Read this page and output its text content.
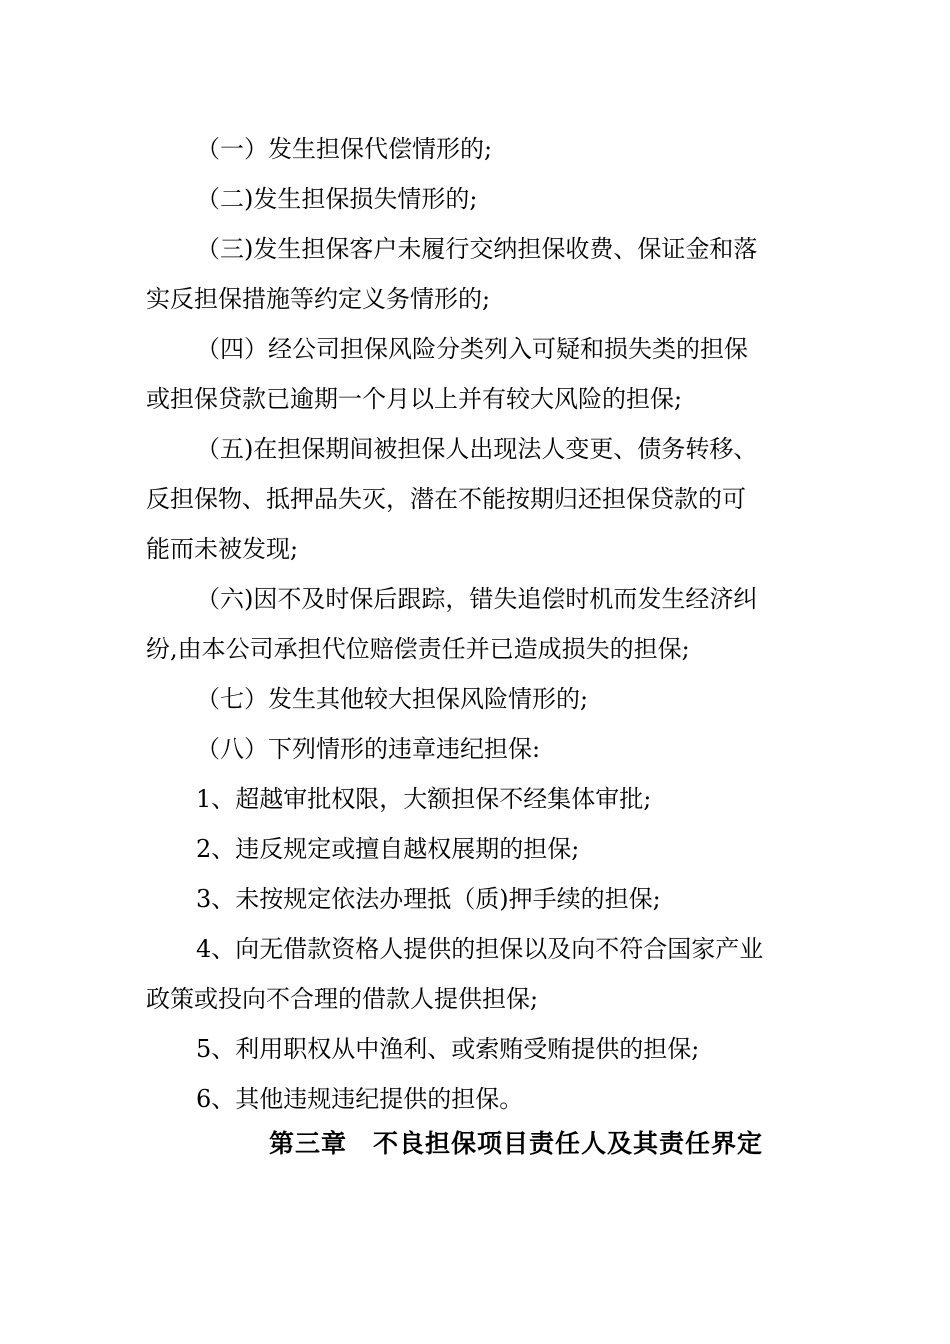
（一）发生担保代偿情形的;
（二)发生担保损失情形的;
（三)发生担保客户未履行交纳担保收费、保证金和落
实反担保措施等约定义务情形的;
（四）经公司担保风险分类列入可疑和损失类的担保
或担保贷款已逾期一个月以上并有较大风险的担保;
（五)在担保期间被担保人出现法人变更、债务转移、
反担保物、抵押品失灭，潜在不能按期归还担保贷款的可
能而未被发现;
（六)因不及时保后跟踪，错失追偿时机而发生经济纠
纷,由本公司承担代位赔偿责任并已造成损失的担保;
（七）发生其他较大担保风险情形的;
（八）下列情形的违章违纪担保:
1、超越审批权限，大额担保不经集体审批;
2、违反规定或擅自越权展期的担保;
3、未按规定依法办理抵（质)押手续的担保;
4、向无借款资格人提供的担保以及向不符合国家产业
政策或投向不合理的借款人提供担保;
5、利用职权从中渔利、或索贿受贿提供的担保;
6、其他违规违纪提供的担保。
第三章　不良担保项目责任人及其责任界定
